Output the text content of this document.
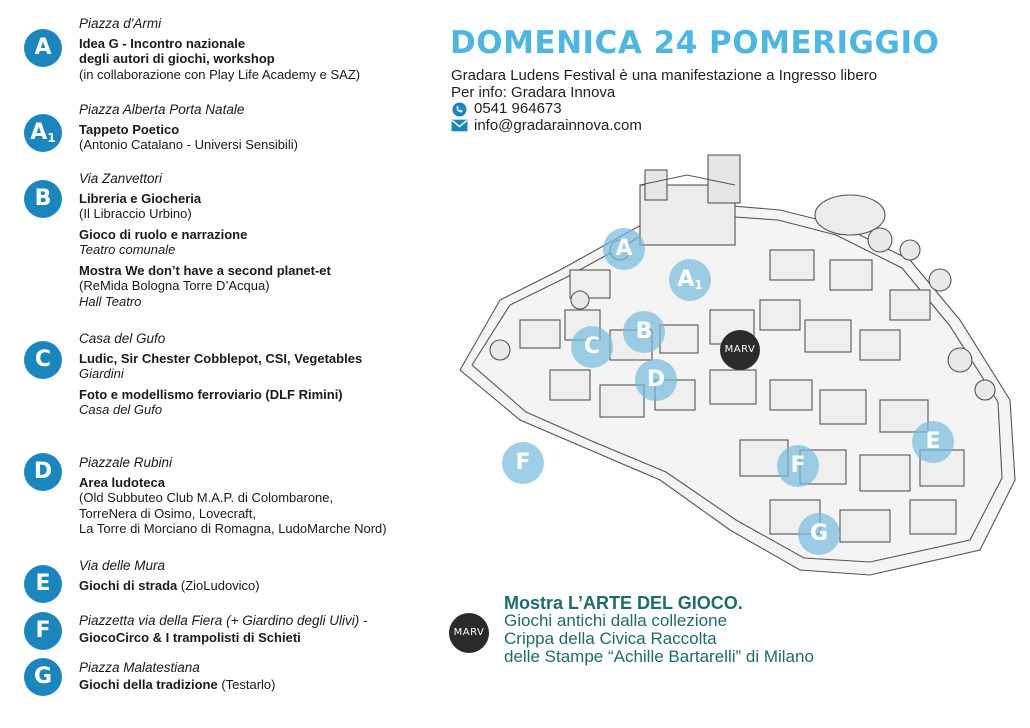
A
Piazza d'Armi
Idea G - Incontro nazionale
degli autori di giochi, workshop
(in collaborazione con Play Life Academy e SAZ)
$A_1$
Piazza Alberta Porta Natale
Tappeto Poetico
(Antonio Catalano - Universi Sensibili)
B
Via Zanvettori
Libreria e Giocheria
(Il Libraccio Urbino)
Gioco di ruolo e narrazione
Teatro comunale
Mostra We don’t have a second planet-et
(ReMida Bologna Torre D’Acqua)
Hall Teatro
C
Casa del Gufo
Ludic, Sir Chester Cobblepot, CSI, Vegetables
Giardini
Foto e modellismo ferroviario (DLF Rimini)
Casa del Gufo
D	Piazzale Rubini
Area ludoteca
(Old Subbuteo Club M.A.P. di Colombarone,
TorreNera di Osimo, Lovecraft,
La Torre di Morciano di Romagna, LudoMarche Nord)
E
Via delle Mura
Giochi di strada (ZioLudovico)
F	Piazzetta via della Fiera (+ Giardino degli Ulivi) -
GiocoCirco & I trampolisti di Schieti
G	Piazza Malatestiana
Giochi della tradizione (Testarlo)
DOMENICA 24 POMERIGGIO
Gradara Ludens Festival è una manifestazione a Ingresso libero
Per info: Gradara Innova
0541 964673
info@gradarainnova.com
A
$A_1$
B
C
D
E
F	F
G
MARV
MARV
Mostra L’ARTE DEL GIOCO.
Giochi antichi dalla collezione
Crippa della Civica Raccolta
delle Stampe “Achille Bartarelli” di Milano
